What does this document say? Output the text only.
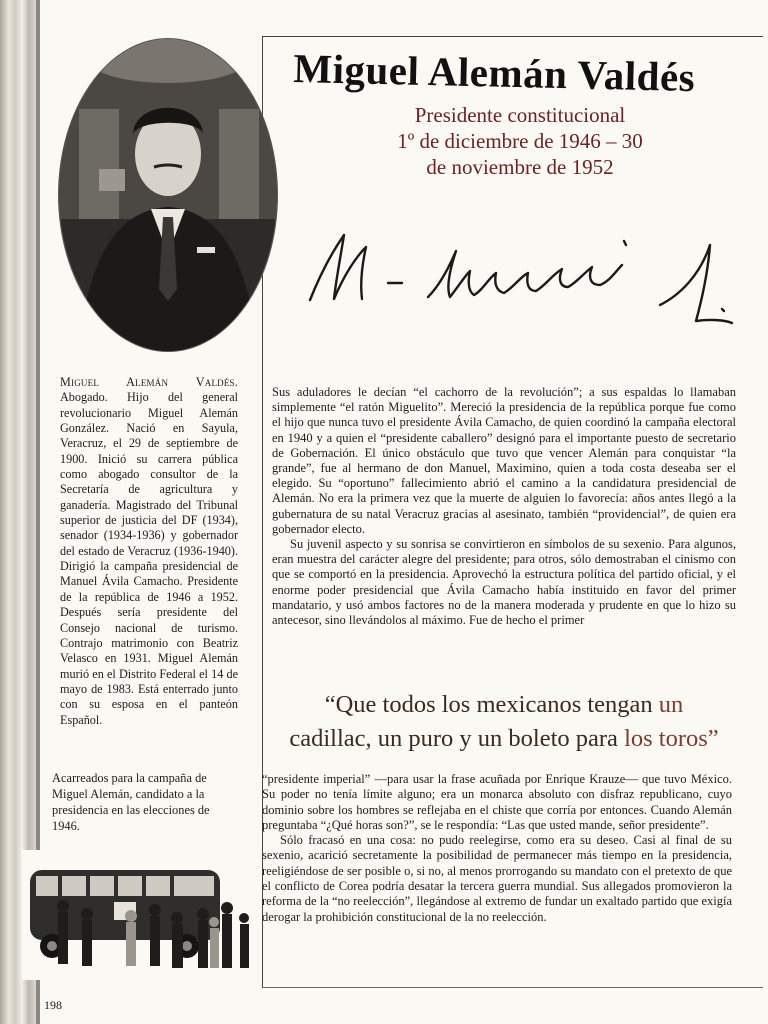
Miguel Alemán Valdés
Presidente constitucional
1º de diciembre de 1946 – 30
de noviembre de 1952

Miguel Alemán Valdés. Abogado. Hijo del general revolucionario Miguel Alemán González. Nació en Sayula, Veracruz, el 29 de septiembre de 1900. Inició su carrera pública como abogado consultor de la Secretaría de agricultura y ganadería. Magistrado del Tribunal superior de justicia del DF (1934), senador (1934-1936) y gobernador del estado de Veracruz (1936-1940). Dirigió la campaña presidencial de Manuel Ávila Camacho. Presidente de la república de 1946 a 1952. Después sería presidente del Consejo nacional de turismo. Contrajo matrimonio con Beatriz Velasco en 1931. Miguel Alemán murió en el Distrito Federal el 14 de mayo de 1983. Está enterrado junto con su esposa en el panteón Español.

Acarreados para la campaña de Miguel Alemán, candidato a la presidencia en las elecciones de 1946.

Sus aduladores le decían “el cachorro de la revolución”; a sus espaldas lo llamaban simplemente “el ratón Miguelito”. Mereció la presidencia de la república porque fue como el hijo que nunca tuvo el presidente Ávila Camacho, de quien coordinó la campaña electoral en 1940 y a quien el “presidente caballero” designó para el importante puesto de secretario de Gobernación. El único obstáculo que tuvo que vencer Alemán para conquistar “la grande”, fue al hermano de don Manuel, Maximino, quien a toda costa deseaba ser el elegido. Su “oportuno” fallecimiento abrió el camino a la candidatura presidencial de Alemán. No era la primera vez que la muerte de alguien lo favorecía: años antes llegó a la gubernatura de su natal Veracruz gracias al asesinato, también “providencial”, de quien era gobernador electo.

Su juvenil aspecto y su sonrisa se convirtieron en símbolos de su sexenio. Para algunos, eran muestra del carácter alegre del presidente; para otros, sólo demostraban el cinismo con que se comportó en la presidencia. Aprovechó la estructura política del partido oficial, y el enorme poder presidencial que Ávila Camacho había instituido en favor del primer mandatario, y usó ambos factores no de la manera moderada y prudente en que lo hizo su antecesor, sino llevándolos al máximo. Fue de hecho el primer

“Que todos los mexicanos tengan un
cadillac, un puro y un boleto para los toros”

“presidente imperial” —para usar la frase acuñada por Enrique Krauze— que tuvo México. Su poder no tenía límite alguno; era un monarca absoluto con disfraz republicano, cuyo dominio sobre los hombres se reflejaba en el chiste que corría por entonces. Cuando Alemán preguntaba “¿Qué horas son?”, se le respondía: “Las que usted mande, señor presidente”.

Sólo fracasó en una cosa: no pudo reelegirse, como era su deseo. Casi al final de su sexenio, acarició secretamente la posibilidad de permanecer más tiempo en la presidencia, reeligiéndose de ser posible o, si no, al menos prorrogando su mandato con el pretexto de que el conflicto de Corea podría desatar la tercera guerra mundial. Sus allegados promovieron la reforma de la “no reelección”, llegándose al extremo de fundar un exaltado partido que exigía derogar la prohibición constitucional de la no reelección.

198
